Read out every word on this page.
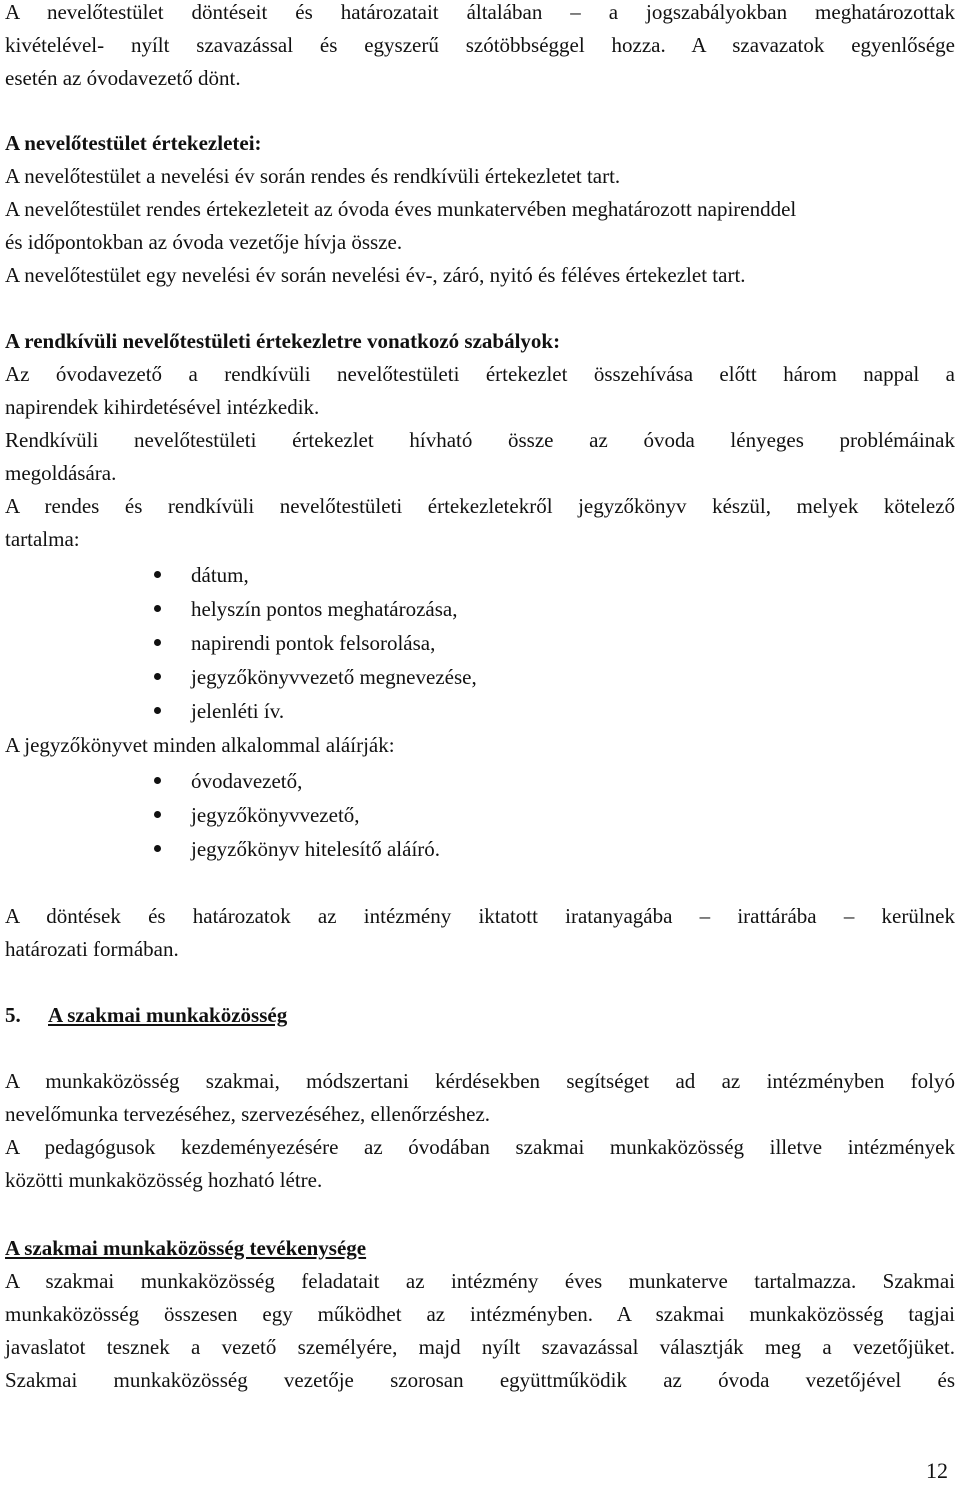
A nevelőtestület döntéseit és határozatait általában – a jogszabályokban meghatározottak
kivételével- nyílt szavazással és egyszerű szótöbbséggel hozza. A szavazatok egyenlősége
esetén az óvodavezető dönt.
A nevelőtestület értekezletei:
A nevelőtestület a nevelési év során rendes és rendkívüli értekezletet tart.
A nevelőtestület rendes értekezleteit az óvoda éves munkatervében meghatározott napirenddel
és időpontokban az óvoda vezetője hívja össze.
A nevelőtestület egy nevelési év során nevelési év-, záró, nyitó és féléves értekezlet tart.
A rendkívüli nevelőtestületi értekezletre vonatkozó szabályok:
Az óvodavezető a rendkívüli nevelőtestületi értekezlet összehívása előtt három nappal a
napirendek kihirdetésével intézkedik.
Rendkívüli nevelőtestületi értekezlet hívható össze az óvoda lényeges problémáinak
megoldására.
A rendes és rendkívüli nevelőtestületi értekezletekről jegyzőkönyv készül, melyek kötelező
tartalma:
dátum,
helyszín pontos meghatározása,
napirendi pontok felsorolása,
jegyzőkönyvvezető megnevezése,
jelenléti ív.
A jegyzőkönyvet minden alkalommal aláírják:
óvodavezető,
jegyzőkönyvvezető,
jegyzőkönyv hitelesítő aláíró.
A döntések és határozatok az intézmény iktatott iratanyagába – irattárába – kerülnek
határozati formában.
5.	A szakmai munkaközösség
A munkaközösség szakmai, módszertani kérdésekben segítséget ad az intézményben folyó
nevelőmunka tervezéséhez, szervezéséhez, ellenőrzéshez.
A pedagógusok kezdeményezésére az óvodában szakmai munkaközösség illetve intézmények
közötti munkaközösség hozható létre.
A szakmai munkaközösség tevékenysége
A szakmai munkaközösség feladatait az intézmény éves munkaterve tartalmazza. Szakmai
munkaközösség összesen egy működhet az intézményben. A szakmai munkaközösség tagjai
javaslatot tesznek a vezető személyére, majd nyílt szavazással választják meg a vezetőjüket.
Szakmai munkaközösség vezetője szorosan együttműködik az óvoda vezetőjével és
12
